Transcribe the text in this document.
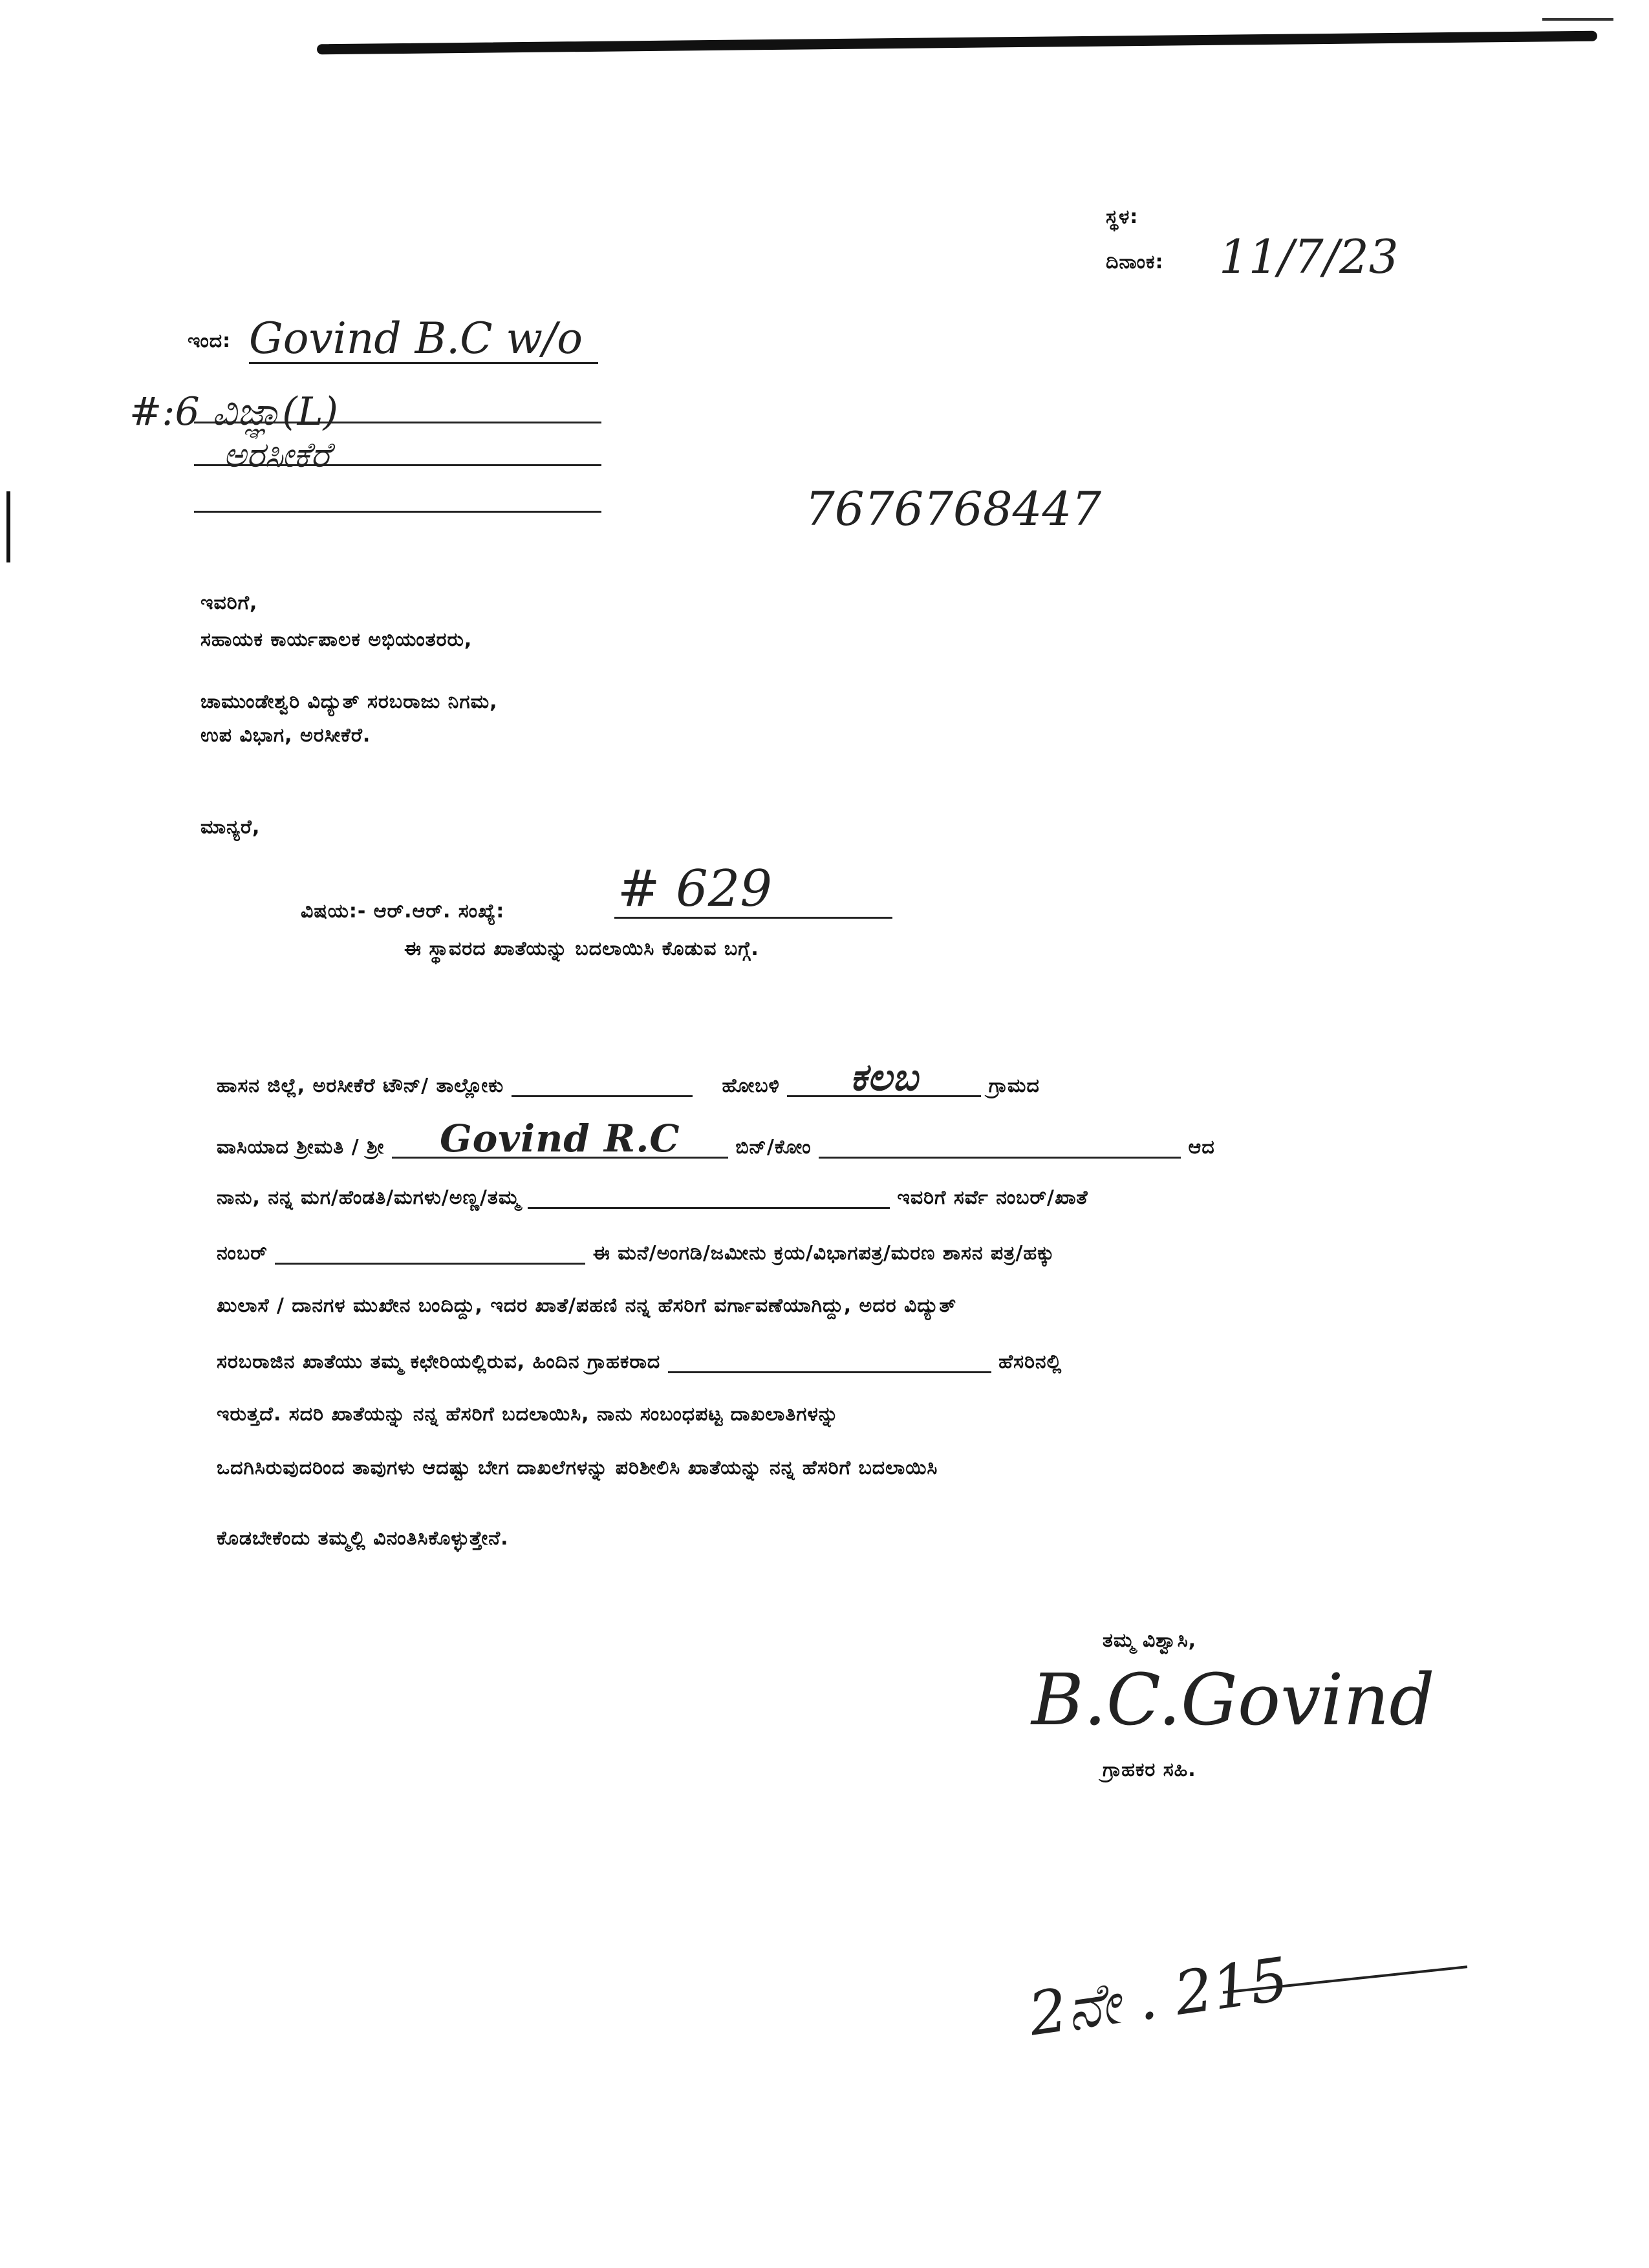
ಸ್ಥಳ:
ದಿನಾಂಕ: 11/7/23
ಇಂದ: Govind B.C w/o
#:6 ವಿಜ್ಞಾ(L)
ಅರಸೀಕೆರೆ
7676768447
ಇವರಿಗೆ,
ಸಹಾಯಕ ಕಾರ್ಯಪಾಲಕ ಅಭಿಯಂತರರು,
ಚಾಮುಂಡೇಶ್ವರಿ ವಿದ್ಯುತ್ ಸರಬರಾಜು ನಿಗಮ,
ಉಪ ವಿಭಾಗ, ಅರಸೀಕೆರೆ.
ಮಾನ್ಯರೆ,
ವಿಷಯ:- ಆರ್.ಆರ್. ಸಂಖ್ಯೆ: # 629
ಈ ಸ್ಥಾವರದ ಖಾತೆಯನ್ನು ಬದಲಾಯಿಸಿ ಕೊಡುವ ಬಗ್ಗೆ.
ಹಾಸನ ಜಿಲ್ಲೆ, ಅರಸೀಕೆರೆ ಟೌನ್/ ತಾಲ್ಲೋಕು	ಹೋಬಳಿ ಕಲಬ	ಗ್ರಾಮದ
ವಾಸಿಯಾದ ಶ್ರೀಮತಿ / ಶ್ರೀ Govind R.C	ಬಿನ್/ಕೋಂ	ಆದ
ನಾನು, ನನ್ನ ಮಗ/ಹೆಂಡತಿ/ಮಗಳು/ಅಣ್ಣ/ತಮ್ಮ	ಇವರಿಗೆ ಸರ್ವೆ ನಂಬರ್/ಖಾತೆ
ನಂಬರ್	ಈ ಮನೆ/ಅಂಗಡಿ/ಜಮೀನು ಕ್ರಯ/ವಿಭಾಗಪತ್ರ/ಮರಣ ಶಾಸನ ಪತ್ರ/ಹಕ್ಕು
ಖುಲಾಸೆ / ದಾನಗಳ ಮುಖೇನ ಬಂದಿದ್ದು, ಇದರ ಖಾತೆ/ಪಹಣಿ ನನ್ನ ಹೆಸರಿಗೆ ವರ್ಗಾವಣೆಯಾಗಿದ್ದು, ಅದರ ವಿದ್ಯುತ್
ಸರಬರಾಜಿನ ಖಾತೆಯು ತಮ್ಮ ಕಛೇರಿಯಲ್ಲಿರುವ, ಹಿಂದಿನ ಗ್ರಾಹಕರಾದ	ಹೆಸರಿನಲ್ಲಿ
ಇರುತ್ತದೆ. ಸದರಿ ಖಾತೆಯನ್ನು ನನ್ನ ಹೆಸರಿಗೆ ಬದಲಾಯಿಸಿ, ನಾನು ಸಂಬಂಧಪಟ್ಟ ದಾಖಲಾತಿಗಳನ್ನು
ಒದಗಿಸಿರುವುದರಿಂದ ತಾವುಗಳು ಆದಷ್ಟು ಬೇಗ ದಾಖಲೆಗಳನ್ನು ಪರಿಶೀಲಿಸಿ ಖಾತೆಯನ್ನು ನನ್ನ ಹೆಸರಿಗೆ ಬದಲಾಯಿಸಿ
ಕೊಡಬೇಕೆಂದು ತಮ್ಮಲ್ಲಿ ವಿನಂತಿಸಿಕೊಳ್ಳುತ್ತೇನೆ.
ತಮ್ಮ ವಿಶ್ವಾಸಿ,
B.C.Govind
ಗ್ರಾಹಕರ ಸಹಿ.
2ನೇ . 215
